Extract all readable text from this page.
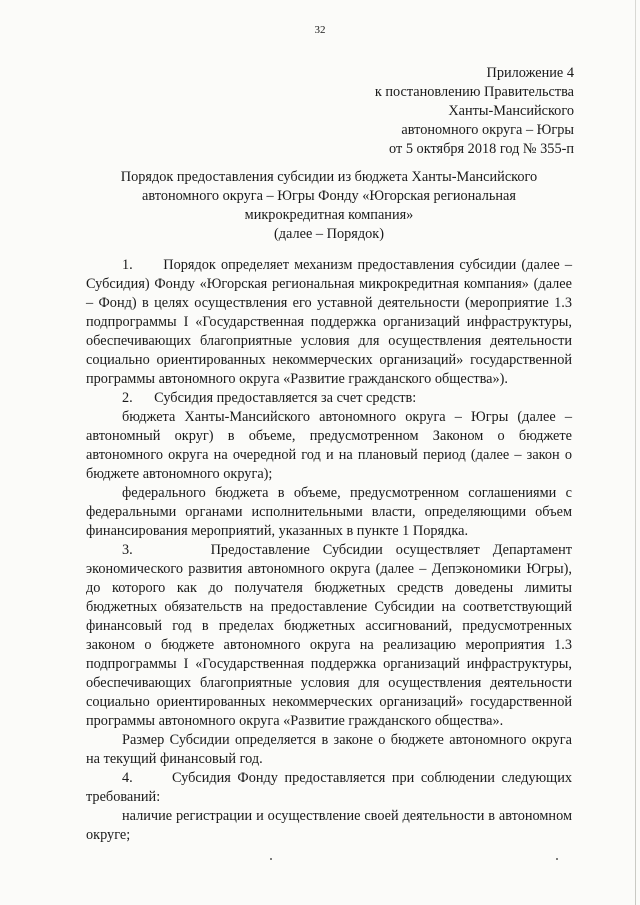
32
Приложение 4
к постановлению Правительства
Ханты-Мансийского
автономного округа – Югры
от 5 октября 2018 год № 355-п
Порядок предоставления субсидии из бюджета Ханты-Мансийского
автономного округа – Югры Фонду «Югорская региональная
микрокредитная компания»
(далее – Порядок)

1.      Порядок определяет механизм предоставления субсидии (далее – Субсидия) Фонду «Югорская региональная микрокредитная компания» (далее – Фонд) в целях осуществления его уставной деятельности (мероприятие 1.3 подпрограммы I «Государственная поддержка организаций инфраструктуры, обеспечивающих благоприятные условия для осуществления деятельности социально ориентированных некоммерческих организаций» государственной программы автономного округа «Развитие гражданского общества»).

2.      Субсидия предоставляется за счет средств:

бюджета Ханты-Мансийского автономного округа – Югры (далее – автономный округ) в объеме, предусмотренном Законом о бюджете автономного округа на очередной год и на плановый период (далее – закон о бюджете автономного округа);

федерального бюджета в объеме, предусмотренном соглашениями с федеральными органами исполнительными власти, определяющими объем финансирования мероприятий, указанных в пункте 1 Порядка.

3.      Предоставление Субсидии осуществляет Департамент экономического развития автономного округа (далее – Депэкономики Югры), до которого как до получателя бюджетных средств доведены лимиты бюджетных обязательств на предоставление Субсидии на соответствующий финансовый год в пределах бюджетных ассигнований, предусмотренных законом о бюджете автономного округа на реализацию мероприятия 1.3 подпрограммы I «Государственная поддержка организаций инфраструктуры, обеспечивающих благоприятные условия для осуществления деятельности социально ориентированных некоммерческих организаций» государственной программы автономного округа «Развитие гражданского общества».

Размер Субсидии определяется в законе о бюджете автономного округа на текущий финансовый год.

4.      Субсидия Фонду предоставляется при соблюдении следующих требований:

наличие регистрации и осуществление своей деятельности в автономном округе;
